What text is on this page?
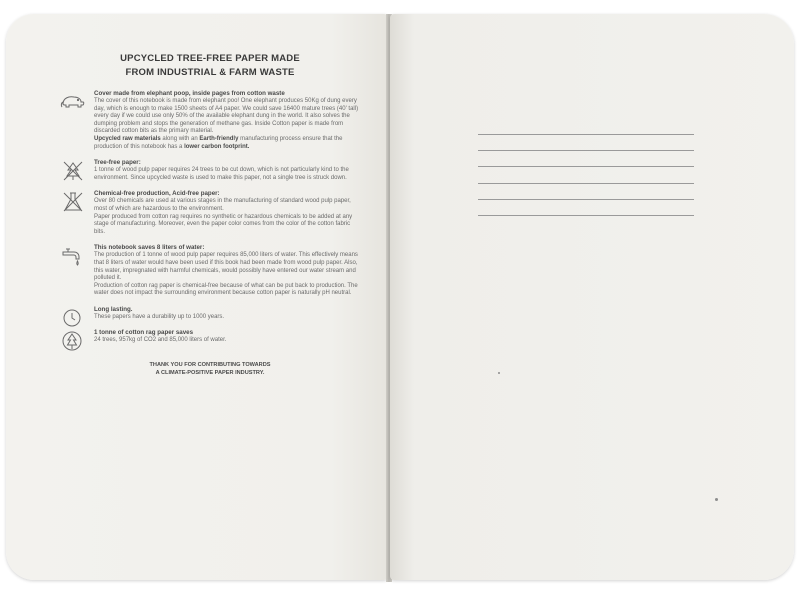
UPCYCLED TREE-FREE PAPER MADE
FROM INDUSTRIAL & FARM WASTE
Cover made from elephant poop, inside pages from cotton waste
The cover of this notebook is made from elephant poo! One elephant produces 50Kg of dung every day, which is enough to make 1500 sheets of A4 paper. We could save 16400 mature trees (40' tall) every day if we could use only 50% of the available elephant dung in the world. It also solves the dumping problem and stops the generation of methane gas. Inside Cotton paper is made from discarded cotton bits as the primary material.
Upcycled raw materials along with an Earth-friendly manufacturing process ensure that the production of this notebook has a lower carbon footprint.
Tree-free paper:
1 tonne of wood pulp paper requires 24 trees to be cut down, which is not particularly kind to the environment. Since upcycled waste is used to make this paper, not a single tree is struck down.
Chemical-free production, Acid-free paper:
Over 80 chemicals are used at various stages in the manufacturing of standard wood pulp paper, most of which are hazardous to the environment.
Paper produced from cotton rag requires no synthetic or hazardous chemicals to be added at any stage of manufacturing. Moreover, even the paper color comes from the color of the cotton fabric bits.
This notebook saves 8 liters of water:
The production of 1 tonne of wood pulp paper requires 85,000 liters of water. This effectively means that 8 liters of water would have been used if this book had been made from wood pulp paper. Also, this water, impregnated with harmful chemicals, would possibly have entered our water stream and polluted it.
Production of cotton rag paper is chemical-free because of what can be put back to production. The water does not impact the surrounding environment because cotton paper is naturally pH neutral.
Long lasting.
These papers have a durability up to 1000 years.
1 tonne of cotton rag paper saves
24 trees, 957kg of CO2 and 85,000 liters of water.
THANK YOU FOR CONTRIBUTING TOWARDS
A CLIMATE-POSITIVE PAPER INDUSTRY.
